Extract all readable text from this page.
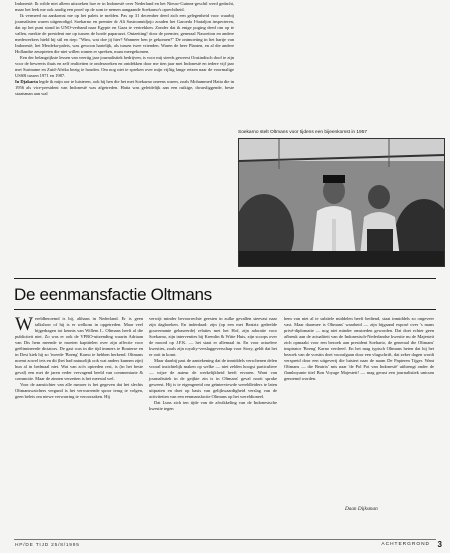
Indonesië. Ik wilde niet alleen uitzoeken hoe er in Indonesië over Nederland en het Nieuw-Guinea-geschil werd gedacht, maar het leek me ook aardig een proef op de som te nemen aangaande Soekarno's oprechtheid.

Ik vermeed na aankomst me op het paleis te melden. Pas op 31 december deed zich een gelegenheid voor waarbij journalisten waren uitgenodigd. Soekarno en premier dr Ali Sastroamidjojo zouden het Garoeda I-bataljon inspecteren, dat op het punt stond in UNO-verband naar Egypte en Gaza te vertrekken. Zonder dat ik enige poging deed om op te vallen, merkte de president me op tussen de horde paparazzi. Ontzetting! door de premier, generaal Nasoetion en andere medewerkers hield hij stil en riep: "Wim, wat doe jij hier? Wanneer ben je gekomen?" De ontmoeting in het hartje van Indonesië, het Merdeka-paleis, was gewoon hartelijk, als tussen twee vrienden. Waren de heer Planten, en al die andere Hollandse zeurpieten die niet willen wanen er spreken, maar meegekomen.

Een der belangrijkste lessen van veertig jaar journalistiek bedrijven, is voor mij steeds geweest Oostindisch doof te zijn voor de beweerts thuis en zelf realiteiten te onderzoeken en ontdekken door me tien jaar met Indonesië en iedere vijf jaar met Suriname en Zuid-Afrika bezig te houden. Om nog niet te spreken over mijn vijftig lange reizen naar de voormalige USSR tussen 1971 en 1987.

In Djakarta legde ik mijn oor te luisteren, ook bij hen die het met Soekarno oneens waren, zoals Mohammed Hatta die in 1956 als vice-president van Indonesië was afgetreden. Hatta was geleidelijk aan een ruikige, dwarsliggende, beste staatsman aan wal

Soekarno stelt Oltmans voor tijdens een bijeenkomst in 1957
De eenmansfactie Oltmans

Wereldberoemd is hij, althans in Nederland. Er is geen talkshow of hij is er welkom in opgetreden. Maar veel bijgedragen tot kennis van Willem L. Oltmans heeft al die publiciteit niet. Zo was er ook de VPRO-uitzending waarin Adriaan van Dis hem meende te moeten kapittelen over zijn affectie voor geëlimineerde dictators. De gast was in die tijd immers te Bouterse en in Desi kiek hij zo 'tweede 'Boeng' Karno te hebben herkend. Oltmans noemt zowel iets en dit (het had natuurlijk ook wat anders kunnen zijn) hun al in hedmaal niet. Wat van zo'n optreden rest, is (in het beste geval) een met de jaren veder vervagend beeld van commentarie & commotie. Maar de zinnen verzetten is het meestal wel.

Voor de aanstichter van alle rumoer is het gegeven dat het slechts Oltmanswatchers vergund is het verwarrende spoor terug te volgen, geen belets om niewe verwarring te veroorzaken. Hij

verwijt minder bevoorrechte geesten in zulke gevallen steevast naar zijn dagboeken. En inderdaad: zijn (op een met Beatrix gedeelde gouvernante gebaseerde) relaties met het Hof, zijn adoratie voor Soekarno, zijn interventies bij Kremlin & Witte Huis, zijn scoops over de moord op J.F.K. — het staat er allemaal in. En voor actuelere kwesties, zoals zijn royalty-verslaggeverschap voor Story, geldt dat het er ooit in komt.

Maar daarbij past de aantekening dat de inmiddels verschenen delen vooral inzichtelijk maken op welke — niet zelden hoogst particuliere — wijze de auteur de werkelijkheid heeft ervaren. Want van journalistiek in de geijkte zin is in Oltmans' geval nooit sprake geweest. Hij is te eigengereid om geïnterviewde wereldleiders te laten uitpraten en doet op basis van gelijkwaardigheid verslag van de activiteiten van een eenmansfactie Oltmans op het wereldtoneel.

Dat Luns zich ten tijde van de afwikkeling van de Indonesische kwestie tegen

hem van niet al te subtiele middelen heeft bediend, staat inmiddels zo ongeveer vast. Maar daarmee is Oltmans' waarheid — zijn bijgaand exposé over 's mans privé-diplomatie — nog niet minder omstreden geworden. Dat doet echter geen afbreuk aan de actualiteit van de Indonesisch-Nederlandse kwestie nu de Majesteit zich opmaakt voor een bezoek aan president Soeharto, de generaal die Oltmans' inspirator 'Boeng' Karno verdreef. En het mag typisch Oltmans heten dat hij het bezoek van de vorstin doet voorafgaan door een vlugschrift, dat zeker dagen wordt verspreid door een uitgeverij die luistert naar de naam De Papieren Tijger. Want Oltmans — die Beatrix' mis naar 'de Pol Pot van Indonesië' uitbrengt onder de flamboyante titel Bon Voyage Majesteit! — mag gerust een journalistiek unicum genoemd worden.

Daan Dijksman
HP/DE TIJD 25/8/1995	ACHTERGROND 3
